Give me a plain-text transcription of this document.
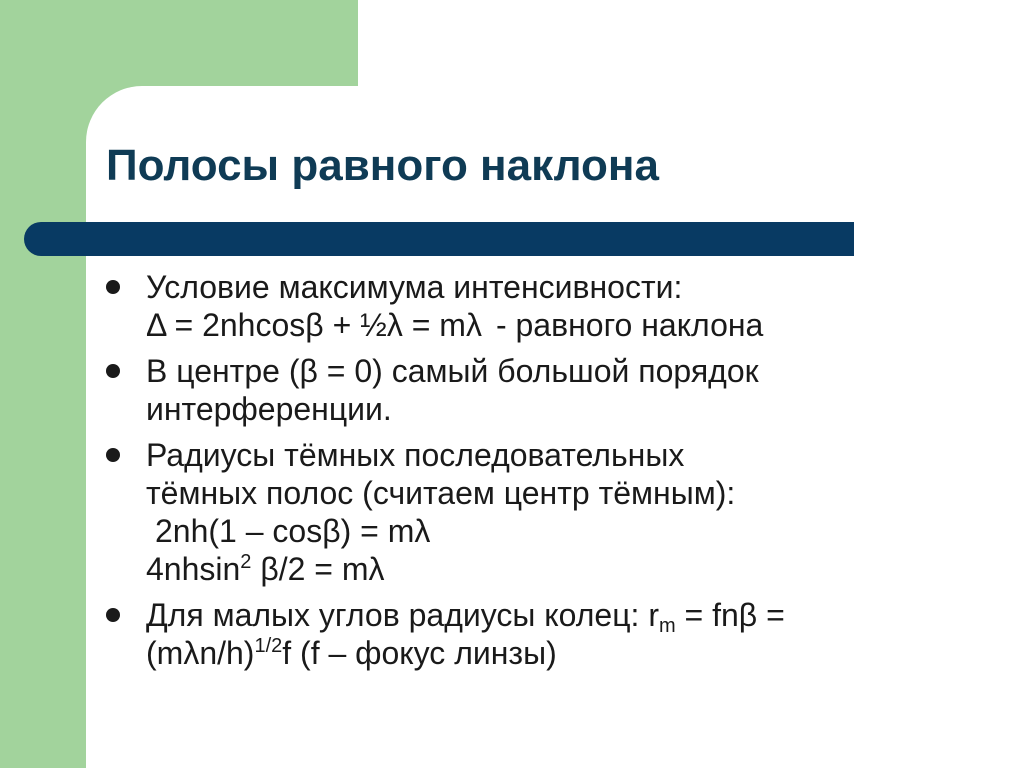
Полосы равного наклона
Условие максимума интенсивности:
Δ = 2nhcosβ + ½λ = mλ - равного наклона
В центре (β = 0) самый большой порядок
интерференции.
Радиусы тёмных последовательных
тёмных полос (считаем центр тёмным):
2nh(1 – cosβ) = mλ
4nhsin$^2$ β/2 = mλ
Для малых углов радиусы колец: $r_m = fn\beta$ =
$(m\lambda n/h)^{1/2}f$ (f – фокус линзы)
